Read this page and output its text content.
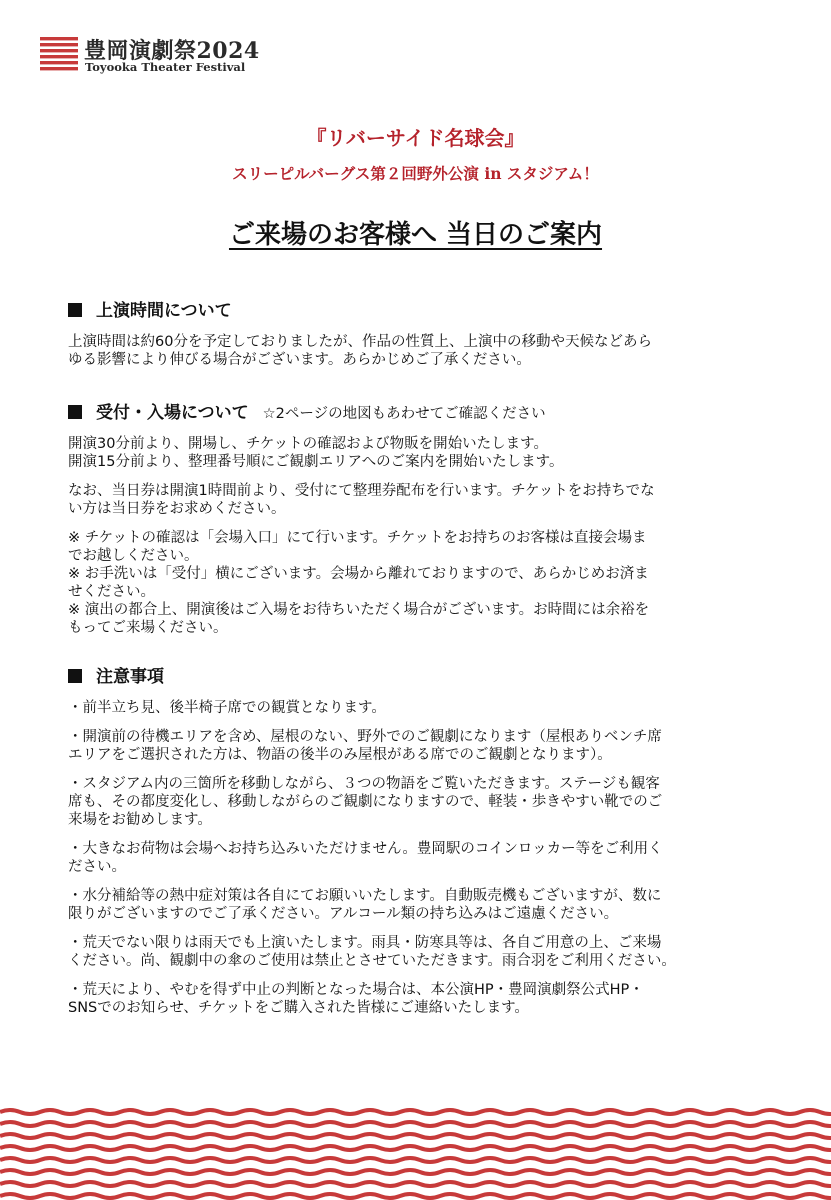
豊岡演劇祭2024
Toyooka Theater Festival
『リバーサイド名球会』
スリーピルバーグス第２回野外公演 in スタジアム！
ご来場のお客様へ 当日のご案内
上演時間について
上演時間は約60分を予定しておりましたが、作品の性質上、上演中の移動や天候などあら
ゆる影響により伸びる場合がございます。あらかじめご了承ください。
受付・入場について ☆2ページの地図もあわせてご確認ください
開演30分前より、開場し、チケットの確認および物販を開始いたします。
開演15分前より、整理番号順にご観劇エリアへのご案内を開始いたします。
なお、当日券は開演1時間前より、受付にて整理券配布を行います。チケットをお持ちでな
い方は当日券をお求めください。
※ チケットの確認は「会場入口」にて行います。チケットをお持ちのお客様は直接会場ま
でお越しください。
※ お手洗いは「受付」横にございます。会場から離れておりますので、あらかじめお済ま
せください。
※ 演出の都合上、開演後はご入場をお待ちいただく場合がございます。お時間には余裕を
もってご来場ください。
注意事項
・前半立ち見、後半椅子席での観賞となります。
・開演前の待機エリアを含め、屋根のない、野外でのご観劇になります（屋根ありベンチ席
エリアをご選択された方は、物語の後半のみ屋根がある席でのご観劇となります）。
・スタジアム内の三箇所を移動しながら、３つの物語をご覧いただきます。ステージも観客
席も、その都度変化し、移動しながらのご観劇になりますので、軽装・歩きやすい靴でのご
来場をお勧めします。
・大きなお荷物は会場へお持ち込みいただけません。豊岡駅のコインロッカー等をご利用く
ださい。
・水分補給等の熱中症対策は各自にてお願いいたします。自動販売機もございますが、数に
限りがございますのでご了承ください。アルコール類の持ち込みはご遠慮ください。
・荒天でない限りは雨天でも上演いたします。雨具・防寒具等は、各自ご用意の上、ご来場
ください。尚、観劇中の傘のご使用は禁止とさせていただきます。雨合羽をご利用ください。
・荒天により、やむを得ず中止の判断となった場合は、本公演HP・豊岡演劇祭公式HP・
SNSでのお知らせ、チケットをご購入された皆様にご連絡いたします。
